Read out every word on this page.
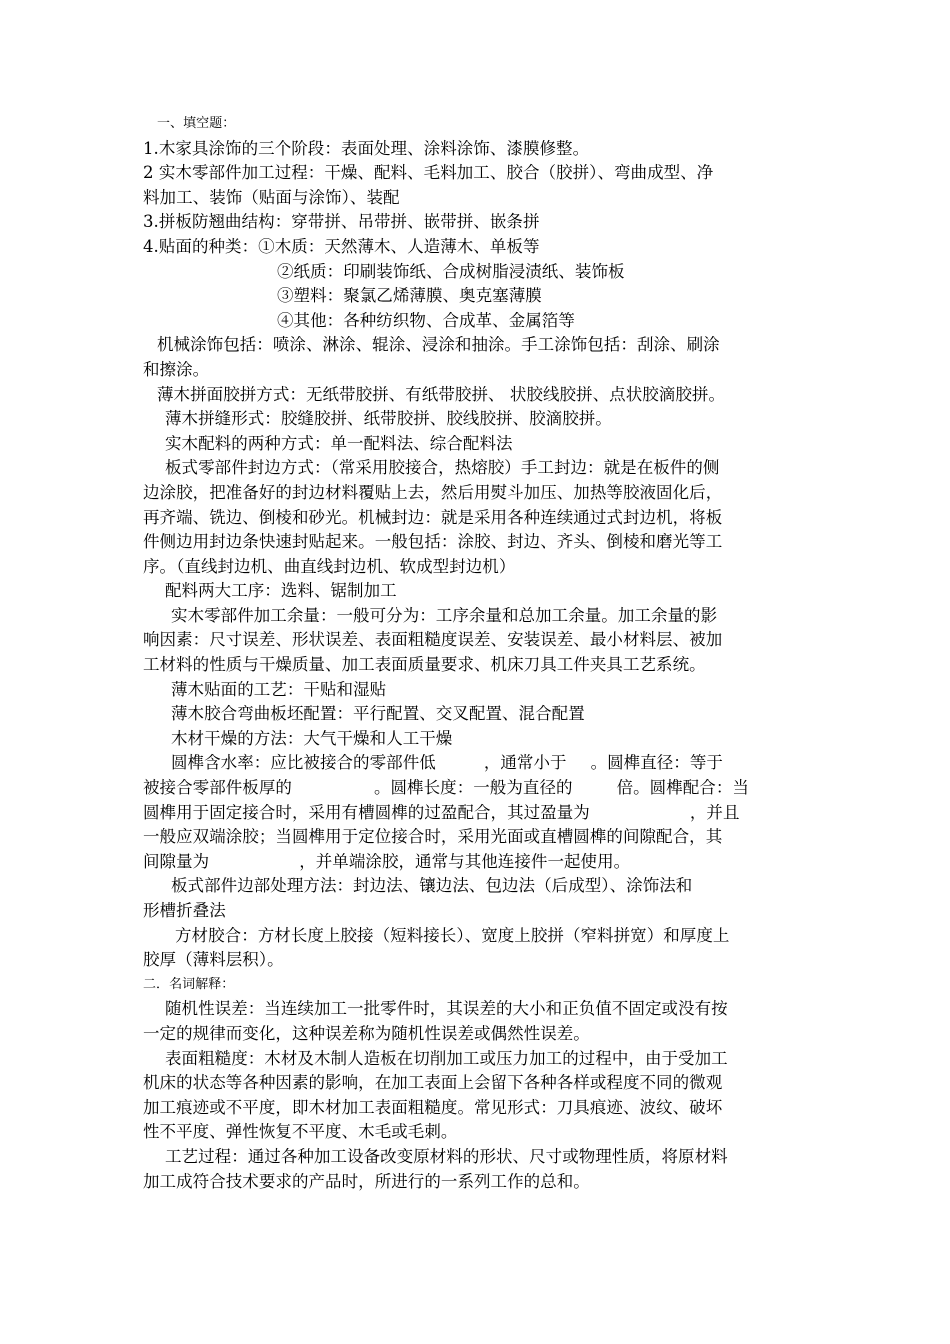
一、填空题：
1.木家具涂饰的三个阶段：表面处理、涂料涂饰、漆膜修整。
2 实木零部件加工过程：干燥、配料、毛料加工、胶合（胶拼）、弯曲成型、净
料加工、装饰（贴面与涂饰）、装配
3.拼板防翘曲结构：穿带拼、吊带拼、嵌带拼、嵌条拼
4.贴面的种类：①木质：天然薄木、人造薄木、单板等
②纸质：印刷装饰纸、合成树脂浸渍纸、装饰板
③塑料：聚氯乙烯薄膜、奥克塞薄膜
④其他：各种纺织物、合成革、金属箔等
机械涂饰包括：喷涂、淋涂、辊涂、浸涂和抽涂。手工涂饰包括：刮涂、刷涂
和擦涂。
薄木拼面胶拼方式：无纸带胶拼、有纸带胶拼、 状胶线胶拼、点状胶滴胶拼。
薄木拼缝形式：胶缝胶拼、纸带胶拼、胶线胶拼、胶滴胶拼。
实木配料的两种方式：单一配料法、综合配料法
板式零部件封边方式：（常采用胶接合，热熔胶）手工封边：就是在板件的侧
边涂胶，把准备好的封边材料覆贴上去，然后用熨斗加压、加热等胶液固化后，
再齐端、铣边、倒棱和砂光。机械封边：就是采用各种连续通过式封边机，将板
件侧边用封边条快速封贴起来。一般包括：涂胶、封边、齐头、倒棱和磨光等工
序。（直线封边机、曲直线封边机、软成型封边机）
配料两大工序：选料、锯制加工
实木零部件加工余量：一般可分为：工序余量和总加工余量。加工余量的影
响因素：尺寸误差、形状误差、表面粗糙度误差、安装误差、最小材料层、被加
工材料的性质与干燥质量、加工表面质量要求、机床刀具工件夹具工艺系统。
薄木贴面的工艺：干贴和湿贴
薄木胶合弯曲板坯配置：平行配置、交叉配置、混合配置
木材干燥的方法：大气干燥和人工干燥
圆榫含水率：应比被接合的零部件低	，通常小于 。圆榫直径：等于
被接合零部件板厚的	。圆榫长度：一般为直径的	倍。圆榫配合：当
圆榫用于固定接合时，采用有槽圆榫的过盈配合，其过盈量为	，并且
一般应双端涂胶；当圆榫用于定位接合时，采用光面或直槽圆榫的间隙配合，其
间隙量为	，并单端涂胶，通常与其他连接件一起使用。
板式部件边部处理方法：封边法、镶边法、包边法（后成型）、涂饰法和
形槽折叠法
方材胶合：方材长度上胶接（短料接长）、宽度上胶拼（窄料拼宽）和厚度上
胶厚（薄料层积）。
二．名词解释：
随机性误差：当连续加工一批零件时，其误差的大小和正负值不固定或没有按
一定的规律而变化，这种误差称为随机性误差或偶然性误差。
表面粗糙度：木材及木制人造板在切削加工或压力加工的过程中，由于受加工
机床的状态等各种因素的影响，在加工表面上会留下各种各样或程度不同的微观
加工痕迹或不平度，即木材加工表面粗糙度。常见形式：刀具痕迹、波纹、破坏
性不平度、弹性恢复不平度、木毛或毛刺。
工艺过程：通过各种加工设备改变原材料的形状、尺寸或物理性质，将原材料
加工成符合技术要求的产品时，所进行的一系列工作的总和。
